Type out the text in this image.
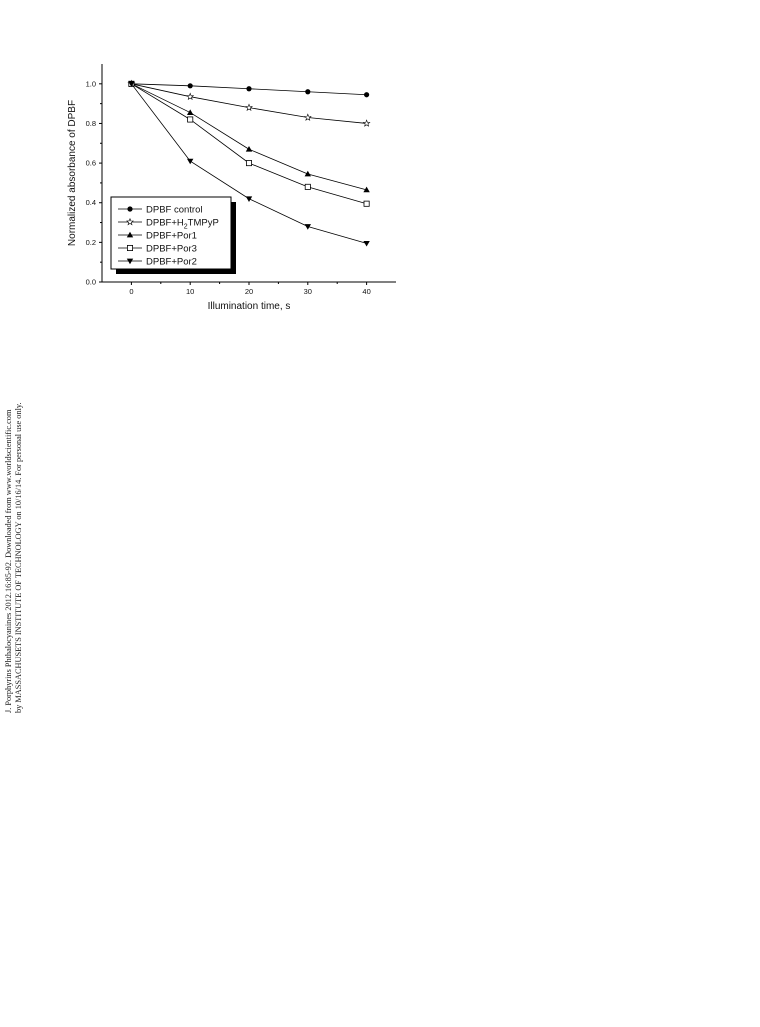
0	10	20	30	40
0.0
0.2
0.4
0.6
0.8
1.0
Illumination time, s
Normalized absorbance of DPBF	DPBF control
$DPBF+H_2TMPyP$
DPBF+Por1
DPBF+Por3
DPBF+Por2
J. Porphyrins Phthalocyanines 2012.16:85-92. Downloaded from www.worldscientific.com by MASSACHUSETS INSTITUTE OF TECHNOLOGY on 10/16/14. For personal use only.
